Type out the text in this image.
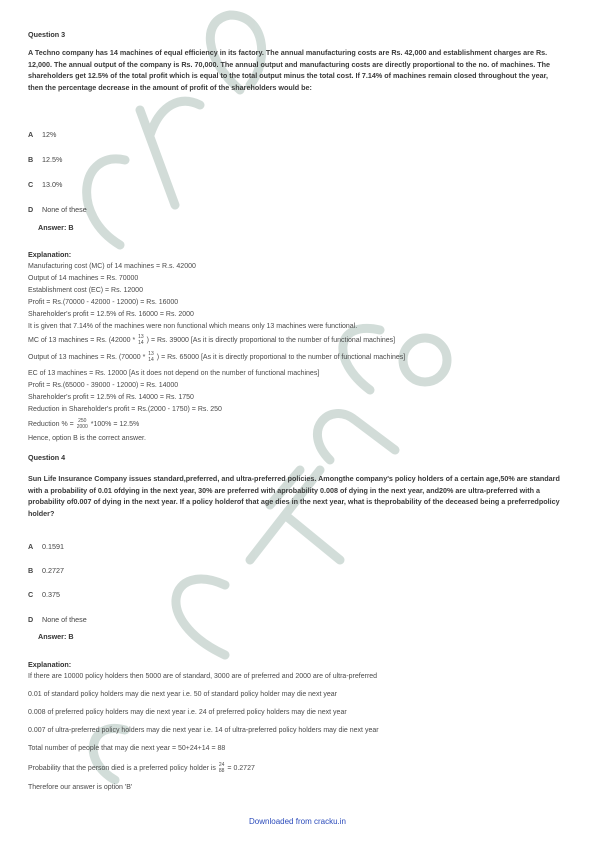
Question 3
A Techno company has 14 machines of equal efficiency in its factory. The annual manufacturing costs are Rs. 42,000 and establishment charges are Rs. 12,000. The annual output of the company is Rs. 70,000. The annual output and manufacturing costs are directly proportional to the no. of machines. The shareholders get 12.5% of the total profit which is equal to the total output minus the total cost. If 7.14% of machines remain closed throughout the year, then the percentage decrease in the amount of profit of the shareholders would be:
A 12%
B 12.5%
C 13.0%
D None of these
Answer: B
Explanation:
Manufacturing cost (MC) of 14 machines = R.s. 42000
Output of 14 machines = Rs. 70000
Establishment cost (EC) = Rs. 12000
Profit = Rs.(70000 - 42000 - 12000) = Rs. 16000
Shareholder's profit = 12.5% of Rs. 16000 = Rs. 2000
It is given that 7.14% of the machines were non functional which means only 13 machines were functional.
MC of 13 machines = Rs. (42000 * 13
14 ) = Rs. 39000 [As it is directly proportional to the number of functional machines]
Output of 13 machines = Rs. (70000 * 13
14 ) = Rs. 65000 [As it is directly proportional to the number of functional machines]
EC of 13 machines = Rs. 12000 [As it does not depend on the number of functional machines]
Profit = Rs.(65000 - 39000 - 12000) = Rs. 14000
Shareholder's profit = 12.5% of Rs. 14000 = Rs. 1750
Reduction in Shareholder's profit = Rs.(2000 - 1750) = Rs. 250
Reduction % = 250
2000 *100% = 12.5%
Hence, option B is the correct answer.
Question 4
Sun Life Insurance Company issues standard,preferred, and ultra-preferred policies. Amongthe company's policy holders of a certain age,50% are standard with a probability of 0.01 ofdying in the next year, 30% are preferred with aprobability 0.008 of dying in the next year, and20% are ultra-preferred with a probability of0.007 of dying in the next year. If a policy holderof that age dies in the next year, what is theprobability of the deceased being a preferredpolicy holder?
A 0.1591
B 0.2727
C 0.375
D None of these
Answer: B
Explanation:
If there are 10000 policy holders then 5000 are of standard, 3000 are of preferred and 2000 are of ultra-preferred
0.01 of standard policy holders may die next year i.e. 50 of standard policy holder may die next year
0.008 of preferred policy holders may die next year i.e. 24 of preferred policy holders may die next year
0.007 of ultra-preferred policy holders may die next year i.e. 14 of ultra-preferred policy holders may die next year
Total number of people that may die next year = 50+24+14 = 88
Probability that the person died is a preferred policy holder is 24
88 = 0.2727
Therefore our answer is option 'B'
Downloaded from cracku.in
